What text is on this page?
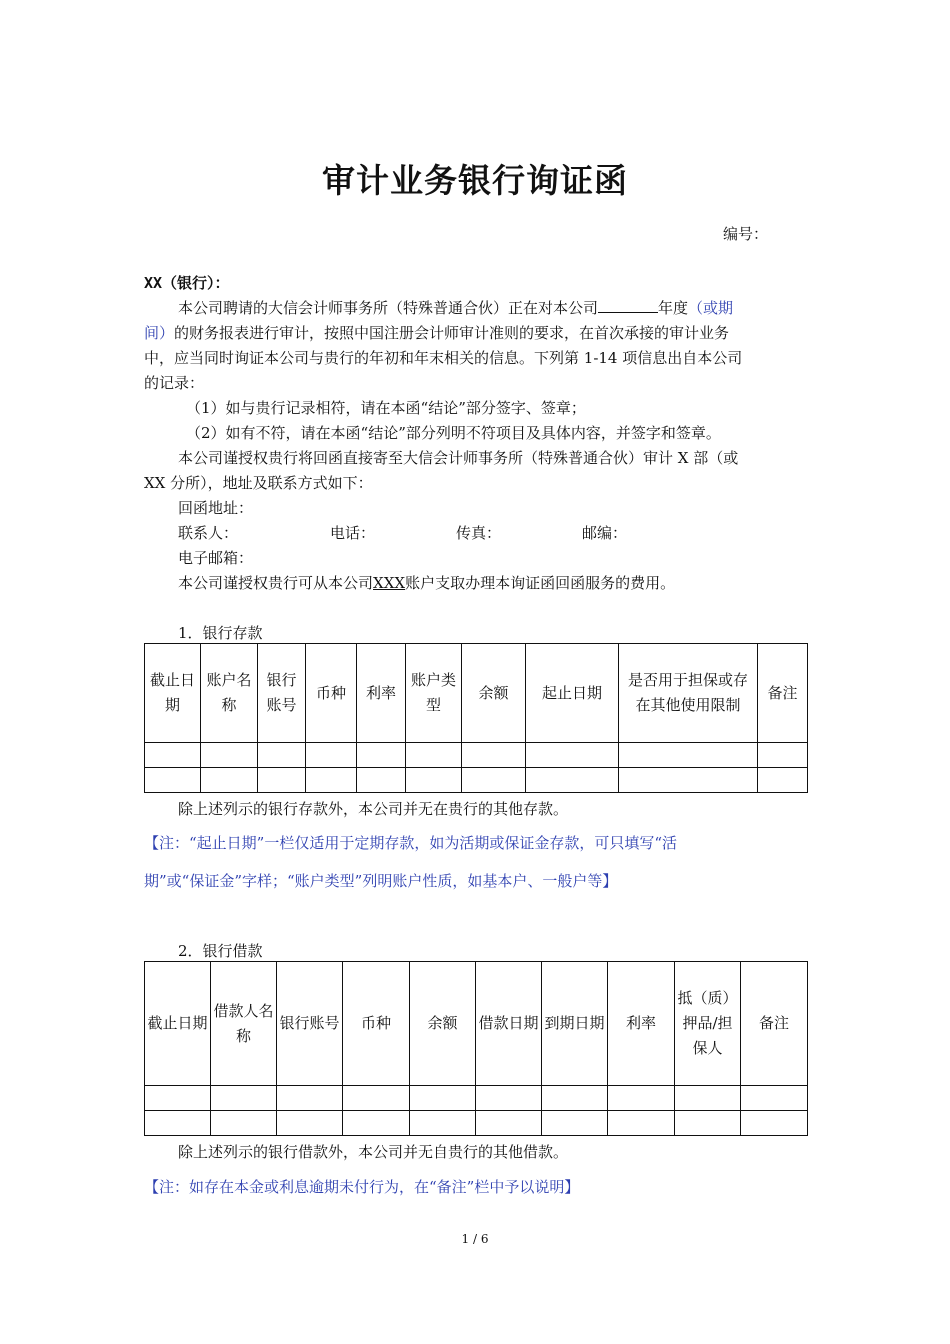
审计业务银行询证函
编号：
XX（银行）：
本公司聘请的大信会计师事务所（特殊普通合伙）正在对本公司	年度（或期
间）的财务报表进行审计，按照中国注册会计师审计准则的要求，在首次承接的审计业务
中，应当同时询证本公司与贵行的年初和年末相关的信息。下列第 1-14 项信息出自本公司
的记录：
（1）如与贵行记录相符，请在本函“结论”部分签字、签章；
（2）如有不符，请在本函“结论”部分列明不符项目及具体内容，并签字和签章。
本公司谨授权贵行将回函直接寄至大信会计师事务所（特殊普通合伙）审计 X 部（或
XX 分所），地址及联系方式如下：
回函地址：
联系人：	电话：	传真：	邮编：
电子邮箱：
本公司谨授权贵行可从本公司XXX账户支取办理本询证函回函服务的费用。
1．银行存款
截止日期	账户名称	银行账号	币种	利率	账户类型	余额	起止日期	是否用于担保或存在其他使用限制	备注

除上述列示的银行存款外，本公司并无在贵行的其他存款。
【注：“起止日期”一栏仅适用于定期存款，如为活期或保证金存款，可只填写“活
期”或“保证金”字样；“账户类型”列明账户性质，如基本户、一般户等】
2．银行借款
截止日期	借款人名称	银行账号	币种	余额	借款日期	到期日期	利率	抵（质）押品/担保人	备注

除上述列示的银行借款外，本公司并无自贵行的其他借款。
【注：如存在本金或利息逾期未付行为，在“备注”栏中予以说明】
1 / 6
